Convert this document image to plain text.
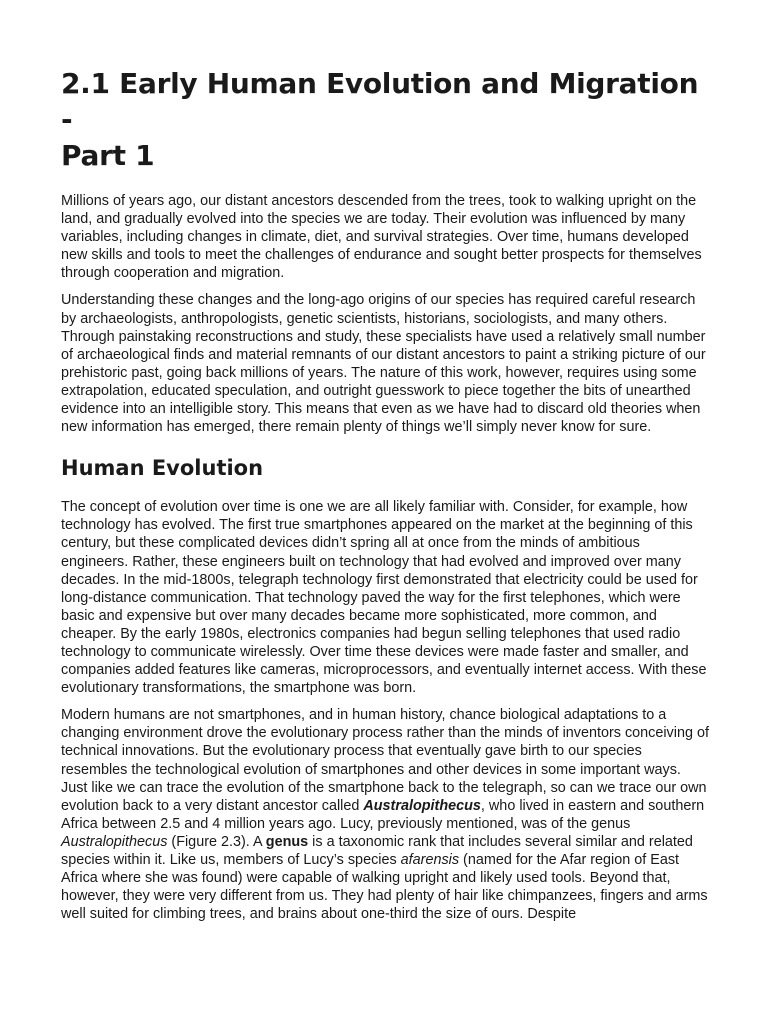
2.1 Early Human Evolution and Migration -
Part 1

Millions of years ago, our distant ancestors descended from the trees, took to walking upright on the land, and gradually evolved into the species we are today. Their evolution was influenced by many variables, including changes in climate, diet, and survival strategies. Over time, humans developed new skills and tools to meet the challenges of endurance and sought better prospects for themselves through cooperation and migration.

Understanding these changes and the long-ago origins of our species has required careful research by archaeologists, anthropologists, genetic scientists, historians, sociologists, and many others. Through painstaking reconstructions and study, these specialists have used a relatively small number of archaeological finds and material remnants of our distant ancestors to paint a striking picture of our prehistoric past, going back millions of years. The nature of this work, however, requires using some extrapolation, educated speculation, and outright guesswork to piece together the bits of unearthed evidence into an intelligible story. This means that even as we have had to discard old theories when new information has emerged, there remain plenty of things we’ll simply never know for sure.

Human Evolution

The concept of evolution over time is one we are all likely familiar with. Consider, for example, how technology has evolved. The first true smartphones appeared on the market at the beginning of this century, but these complicated devices didn’t spring all at once from the minds of ambitious engineers. Rather, these engineers built on technology that had evolved and improved over many decades. In the mid-1800s, telegraph technology first demonstrated that electricity could be used for long-distance communication. That technology paved the way for the first telephones, which were basic and expensive but over many decades became more sophisticated, more common, and cheaper. By the early 1980s, electronics companies had begun selling telephones that used radio technology to communicate wirelessly. Over time these devices were made faster and smaller, and companies added features like cameras, microprocessors, and eventually internet access. With these evolutionary transformations, the smartphone was born.

Modern humans are not smartphones, and in human history, chance biological adaptations to a changing environment drove the evolutionary process rather than the minds of inventors conceiving of technical innovations. But the evolutionary process that eventually gave birth to our species resembles the technological evolution of smartphones and other devices in some important ways. Just like we can trace the evolution of the smartphone back to the telegraph, so can we trace our own evolution back to a very distant ancestor called Australopithecus, who lived in eastern and southern Africa between 2.5 and 4 million years ago. Lucy, previously mentioned, was of the genus Australopithecus (Figure 2.3). A genus is a taxonomic rank that includes several similar and related species within it. Like us, members of Lucy’s species afarensis (named for the Afar region of East Africa where she was found) were capable of walking upright and likely used tools. Beyond that, however, they were very different from us. They had plenty of hair like chimpanzees, fingers and arms well suited for climbing trees, and brains about one-third the size of ours. Despite
